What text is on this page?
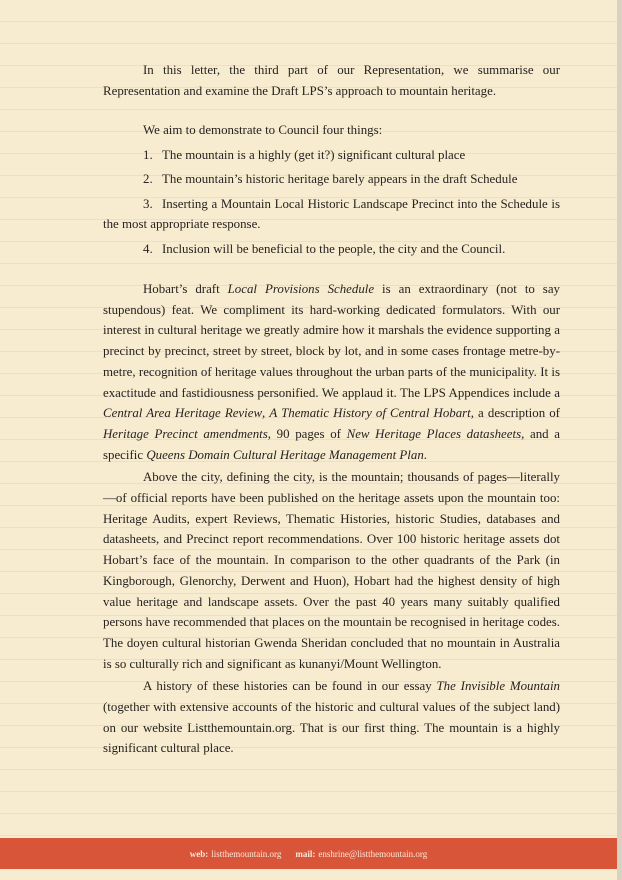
In this letter, the third part of our Representation, we summarise our Representation and examine the Draft LPS’s approach to mountain heritage.

We aim to demonstrate to Council four things:

1. The mountain is a highly (get it?) significant cultural place

2. The mountain’s historic heritage barely appears in the draft Schedule

3. Inserting a Mountain Local Historic Landscape Precinct into the Schedule is the most appropriate response.

4. Inclusion will be beneficial to the people, the city and the Council.

Hobart’s draft Local Provisions Schedule is an extraordinary (not to say stupendous) feat. We compliment its hard-working dedicated formulators. With our interest in cultural heritage we greatly admire how it marshals the evidence supporting a precinct by precinct, street by street, block by lot, and in some cases frontage metre-by-metre, recognition of heritage values throughout the urban parts of the municipality. It is exactitude and fastidiousness personified. We applaud it. The LPS Appendices include a Central Area Heritage Review, A Thematic History of Central Hobart, a description of Heritage Precinct amendments, 90 pages of New Heritage Places datasheets, and a specific Queens Domain Cultural Heritage Management Plan.

Above the city, defining the city, is the mountain; thousands of pages—literally—of official reports have been published on the heritage assets upon the mountain too: Heritage Audits, expert Reviews, Thematic Histories, historic Studies, databases and datasheets, and Precinct report recommendations. Over 100 historic heritage assets dot Hobart’s face of the mountain. In comparison to the other quadrants of the Park (in Kingborough, Glenorchy, Derwent and Huon), Hobart had the highest density of high value heritage and landscape assets. Over the past 40 years many suitably qualified persons have recommended that places on the mountain be recognised in heritage codes. The doyen cultural historian Gwenda Sheridan concluded that no mountain in Australia is so culturally rich and significant as kunanyi/Mount Wellington.

A history of these histories can be found in our essay The Invisible Mountain (together with extensive accounts of the historic and cultural values of the subject land) on our website Listthemountain.org. That is our first thing. The mountain is a highly significant cultural place.

web: listthemountain.org mail: enshrine@listthemountain.org
